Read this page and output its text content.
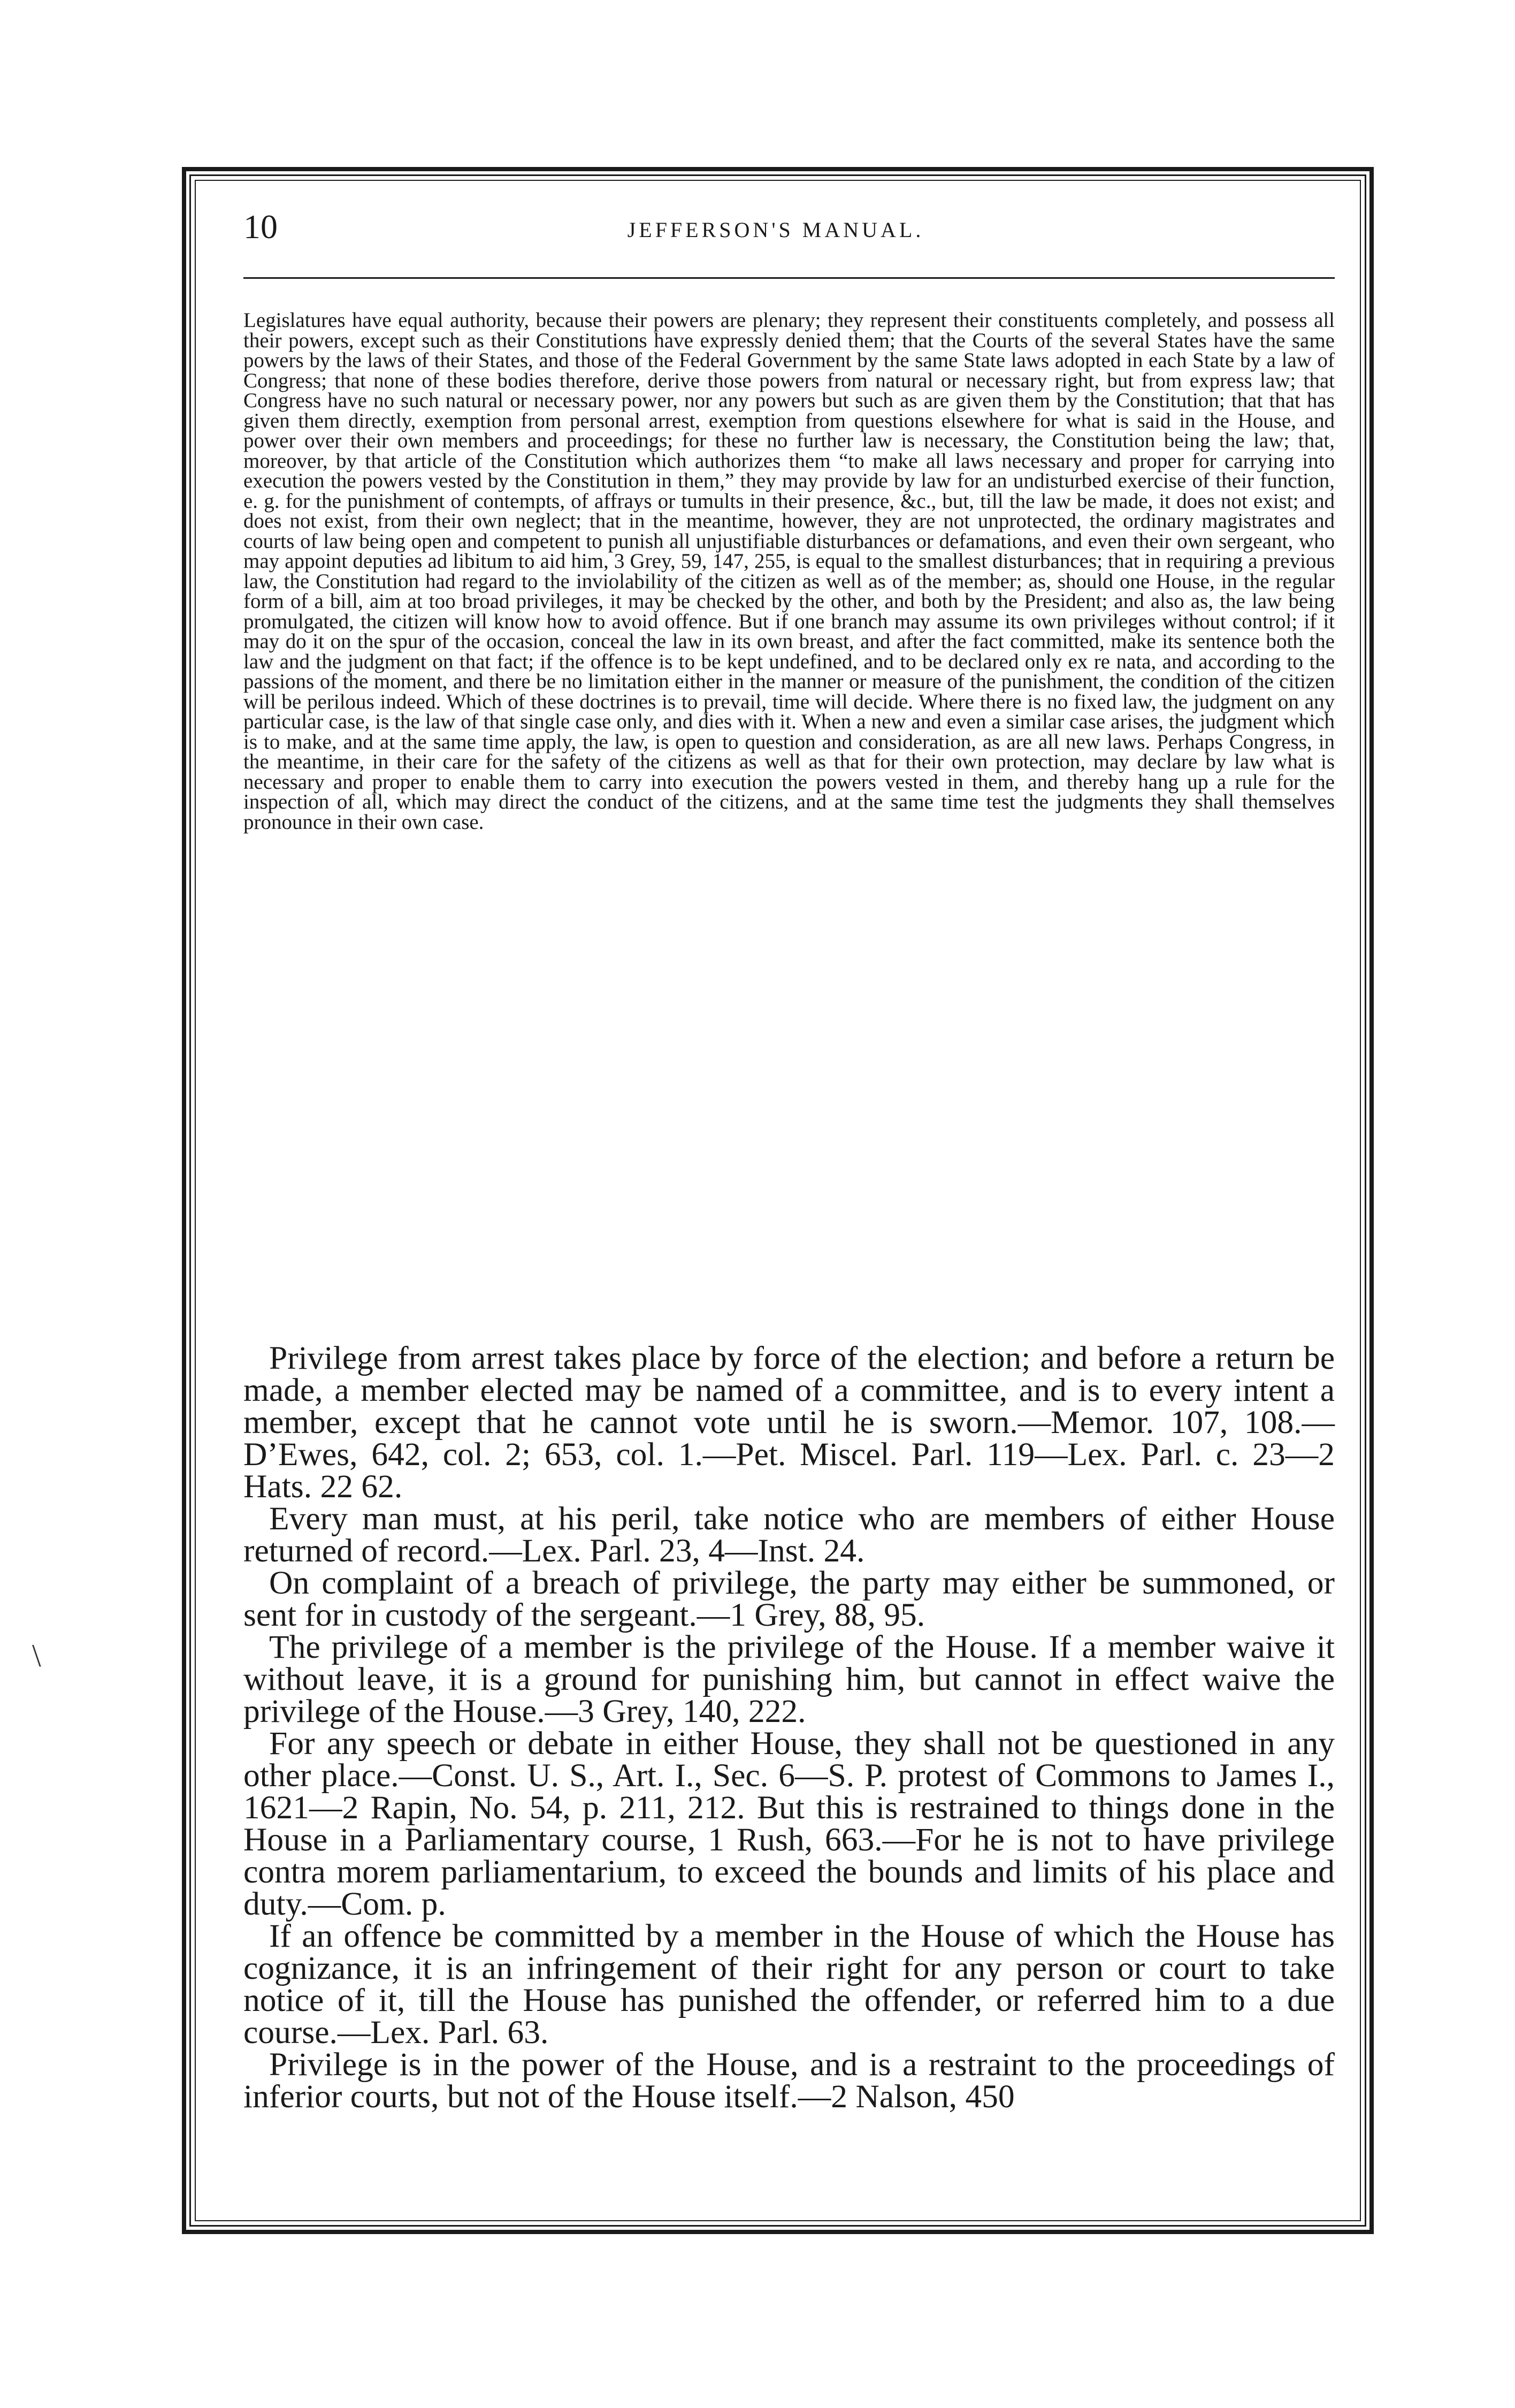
10	JEFFERSON'S MANUAL.

Legislatures have equal authority, because their powers are plenary; they represent their constituents completely, and possess all their powers, except such as their Constitutions have expressly denied them; that the Courts of the several States have the same powers by the laws of their States, and those of the Federal Government by the same State laws adopted in each State by a law of Congress; that none of these bodies therefore, derive those powers from natural or necessary right, but from express law; that Congress have no such natural or necessary power, nor any powers but such as are given them by the Constitution; that that has given them directly, exemption from personal arrest, exemption from questions elsewhere for what is said in the House, and power over their own members and proceedings; for these no further law is necessary, the Constitution being the law; that, moreover, by that article of the Constitution which authorizes them “to make all laws necessary and proper for carrying into execution the powers vested by the Constitution in them,” they may provide by law for an undisturbed exercise of their function, e. g. for the punishment of contempts, of affrays or tumults in their presence, &c., but, till the law be made, it does not exist; and does not exist, from their own neglect; that in the meantime, however, they are not unprotected, the ordinary magistrates and courts of law being open and competent to punish all unjustifiable disturbances or defamations, and even their own sergeant, who may appoint deputies ad libitum to aid him, 3 Grey, 59, 147, 255, is equal to the smallest disturbances; that in requiring a previous law, the Constitution had regard to the inviolability of the citizen as well as of the member; as, should one House, in the regular form of a bill, aim at too broad privileges, it may be checked by the other, and both by the President; and also as, the law being promulgated, the citizen will know how to avoid offence. But if one branch may assume its own privileges without control; if it may do it on the spur of the occasion, conceal the law in its own breast, and after the fact committed, make its sentence both the law and the judgment on that fact; if the offence is to be kept undefined, and to be declared only ex re nata, and according to the passions of the moment, and there be no limitation either in the manner or measure of the punishment, the condition of the citizen will be perilous indeed. Which of these doctrines is to prevail, time will decide. Where there is no fixed law, the judgment on any particular case, is the law of that single case only, and dies with it. When a new and even a similar case arises, the judgment which is to make, and at the same time apply, the law, is open to question and consideration, as are all new laws. Perhaps Congress, in the meantime, in their care for the safety of the citizens as well as that for their own protection, may declare by law what is necessary and proper to enable them to carry into execution the powers vested in them, and thereby hang up a rule for the inspection of all, which may direct the conduct of the citizens, and at the same time test the judgments they shall themselves pronounce in their own case.

Privilege from arrest takes place by force of the election; and before a return be made, a member elected may be named of a committee, and is to every intent a member, except that he cannot vote until he is sworn.—Memor. 107, 108.—D’Ewes, 642, col. 2; 653, col. 1.—Pet. Miscel. Parl. 119—Lex. Parl. c. 23—2 Hats. 22 62.

Every man must, at his peril, take notice who are members of either House returned of record.—Lex. Parl. 23, 4—Inst. 24.

On complaint of a breach of privilege, the party may either be summoned, or sent for in custody of the sergeant.—1 Grey, 88, 95.

The privilege of a member is the privilege of the House. If a member waive it without leave, it is a ground for punishing him, but cannot in effect waive the privilege of the House.—3 Grey, 140, 222.

For any speech or debate in either House, they shall not be questioned in any other place.—Const. U. S., Art. I., Sec. 6—S. P. protest of Commons to James I., 1621—2 Rapin, No. 54, p. 211, 212. But this is restrained to things done in the House in a Parliamentary course, 1 Rush, 663.—For he is not to have privilege contra morem parliamentarium, to exceed the bounds and limits of his place and duty.—Com. p.

If an offence be committed by a member in the House of which the House has cognizance, it is an infringement of their right for any person or court to take notice of it, till the House has punished the offender, or referred him to a due course.—Lex. Parl. 63.

Privilege is in the power of the House, and is a restraint to the proceedings of inferior courts, but not of the House itself.—2 Nalson, 450

\
